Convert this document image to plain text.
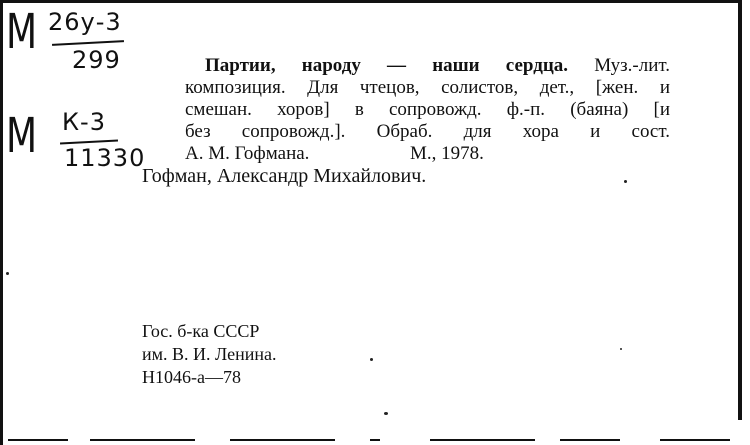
М 26у-3
299
М К-3
11330
Партии, народу — наши сердца. Муз.-лит.
композиция. Для чтецов, солистов, дет., [жен. и
смешан. хоров] в сопровожд. ф.-п. (баяна) [и
без сопровожд.]. Обраб. для хора и сост.
А. М. Гофмана.	М., 1978.
Гофман, Александр Михайлович.
Гос. б-ка СССР
им. В. И. Ленина.
Н1046-а—78
